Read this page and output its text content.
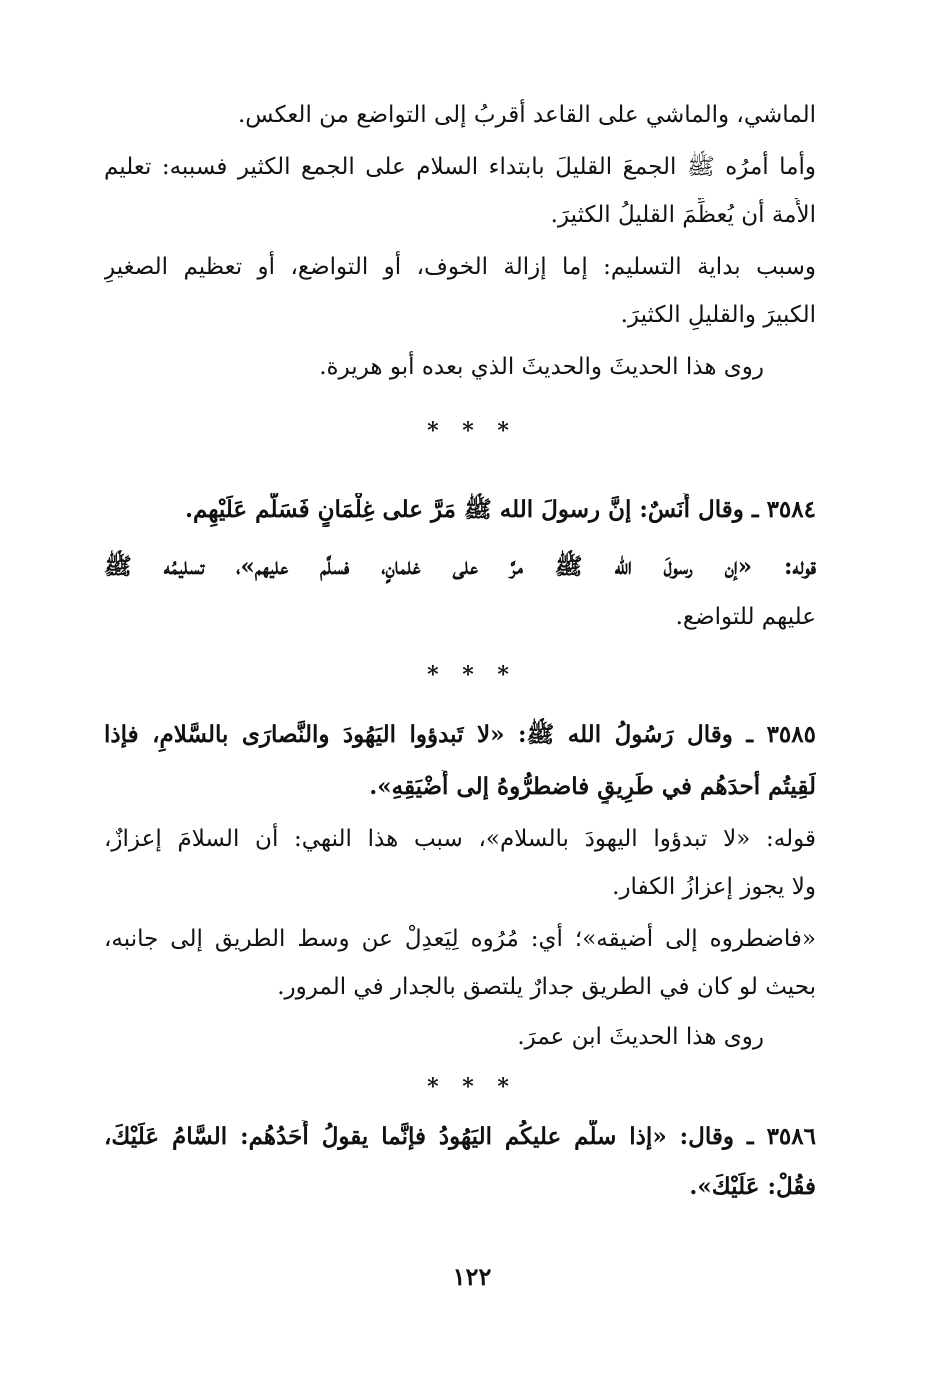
الماشي، والماشي على القاعد أقربُ إلى التواضع من العكس.
وأما أمرُه ﷺ الجمعَ القليلَ بابتداء السلام على الجمع الكثير فسببه: تعليم
الأُمة أن يُعظِّمَ القليلُ الكثيرَ.
وسبب بداية التسليم: إما إزالة الخوف، أو التواضع، أو تعظيم الصغيرِ
الكبيرَ والقليلِ الكثيرَ.
روى هذا الحديثَ والحديثَ الذي بعده أبو هريرة.
* * *
٣٥٨٤ ـ وقال أَنَسٌ: إنَّ رسولَ الله ﷺ مَرَّ على غِلْمَانٍ فَسَلَّم عَلَيْهِم.
قوله: «إن رسولَ الله ﷺ مرَّ على غلمانٍ، فسلَّم عليهم»، تسليمُه ﷺ
عليهم للتواضع.
* * *
٣٥٨٥ ـ وقال رَسُولُ الله ﷺ: «لا تَبدؤوا اليَهُودَ والنَّصارَى بالسَّلامِ، فإذا
لَقِيتُم أحدَهُم في طَرِيقٍ فاضطرُّوهُ إلى أَضْيَقِهِ».
قوله: «لا تبدؤوا اليهودَ بالسلام»، سبب هذا النهي: أن السلامَ إعزازٌ،
ولا يجوز إعزازُ الكفار.
«فاضطروه إلى أضيقه»؛ أي: مُرُوه لِيَعدِلْ عن وسط الطريق إلى جانبه،
بحيث لو كان في الطريق جدارٌ يلتصق بالجدار في المرور.
روى هذا الحديثَ ابن عمرَ.
* * *
٣٥٨٦ ـ وقال: «إذا سلَّم عليكُم اليَهُودُ فإنَّما يقولُ أَحَدُهُم: السَّامُ عَلَيْكَ،
فقُلْ: عَلَيْكَ».
١٢٢
